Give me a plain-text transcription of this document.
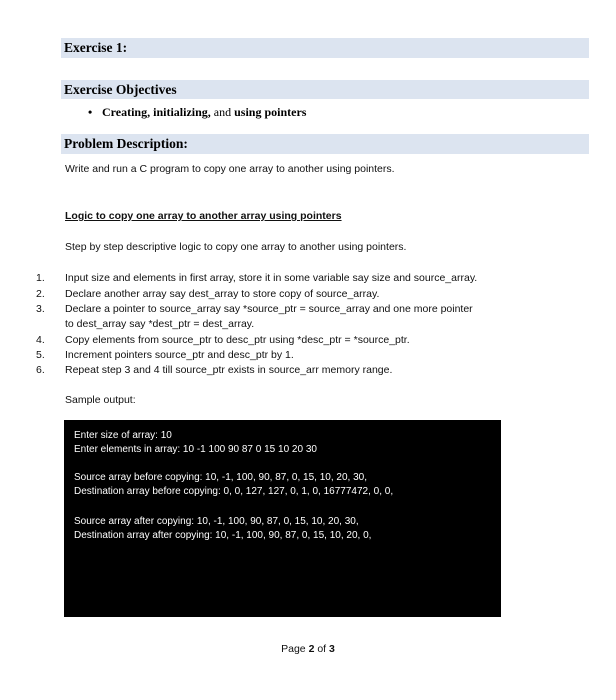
Exercise 1:
Exercise Objectives
• Creating, initializing, and using pointers
Problem Description:
Write and run a C program to copy one array to another using pointers.
Logic to copy one array to another array using pointers
Step by step descriptive logic to copy one array to another using pointers.
1.	Input size and elements in first array, store it in some variable say size and source_array.
2.	Declare another array say dest_array to store copy of source_array.
3.	Declare a pointer to source_array say *source_ptr = source_array and one more pointer
to dest_array say *dest_ptr = dest_array.
4.	Copy elements from source_ptr to desc_ptr using *desc_ptr = *source_ptr.
5.	Increment pointers source_ptr and desc_ptr by 1.
6.	Repeat step 3 and 4 till source_ptr exists in source_arr memory range.
Sample output:
Enter size of array: 10
Enter elements in array: 10 -1 100 90 87 0 15 10 20 30
Source array before copying: 10, -1, 100, 90, 87, 0, 15, 10, 20, 30,
Destination array before copying: 0, 0, 127, 127, 0, 1, 0, 16777472, 0, 0,
Source array after copying: 10, -1, 100, 90, 87, 0, 15, 10, 20, 30,
Destination array after copying: 10, -1, 100, 90, 87, 0, 15, 10, 20, 0,
Page 2 of 3
